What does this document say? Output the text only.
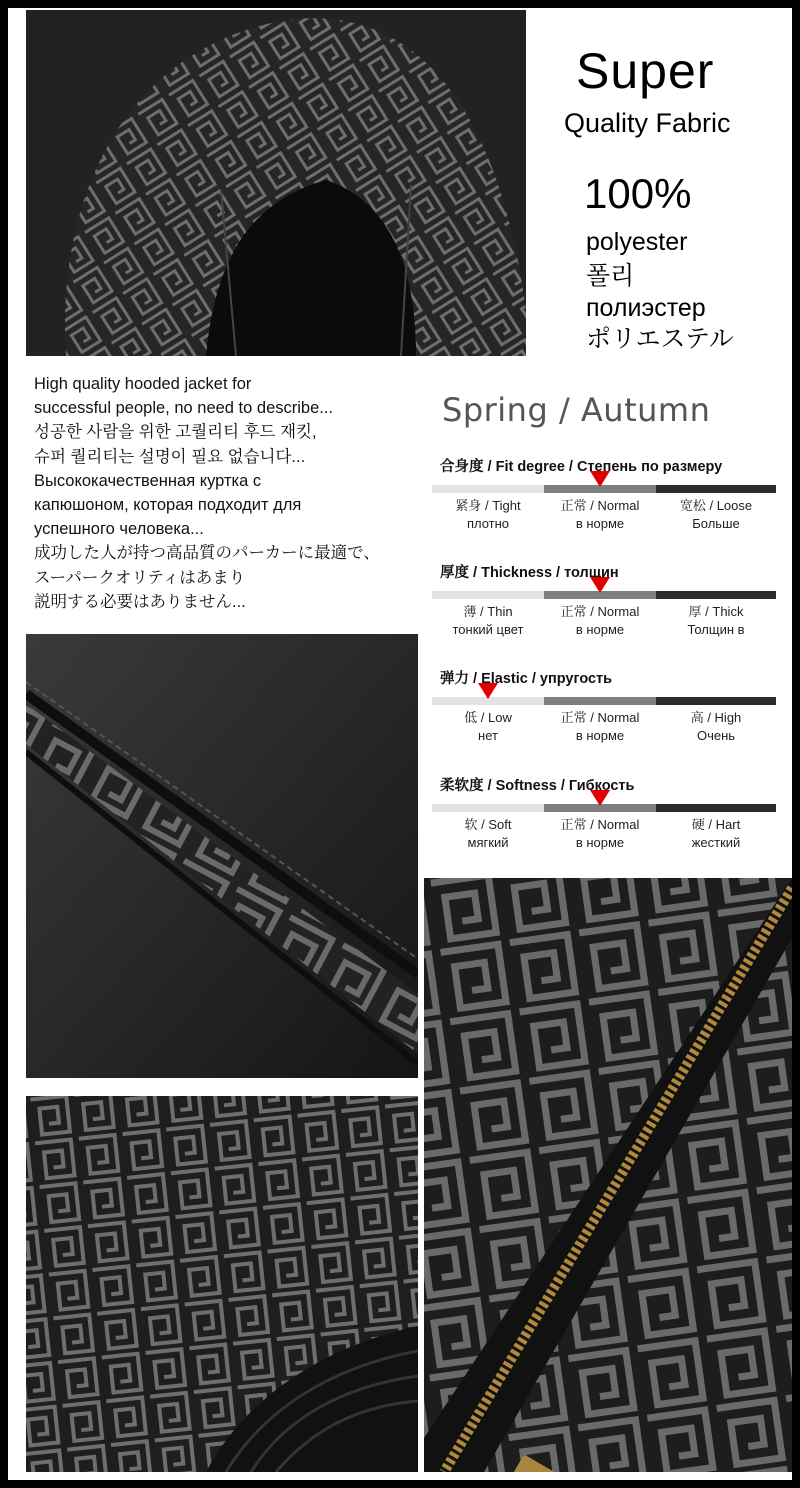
Super
Quality Fabric
100%
polyester
폴리
полиэстер
ポリエステル
High quality hooded jacket for
successful people, no need to describe...
성공한 사람을 위한 고퀄리티 후드 재킷,
슈퍼 퀄리티는 설명이 필요 없습니다...
Высококачественная куртка с
капюшоном, которая подходит для
успешного человека...
成功した人が持つ高品質のパーカーに最適で、
スーパークオリティはあまり
説明する必要はありません...
Spring / Autumn
合身度 / Fit degree / Степень по размеру
紧身 / Tight
плотно
正常 / Normal
в норме
宽松 / Loose
Больше
厚度 / Thickness / толщин
薄 / Thin
тонкий цвет
正常 / Normal
в норме
厚 / Thick
Толщин в
弹力 / Elastic / упругость
低 / Low
нет
正常 / Normal
в норме
高 / High
Очень
柔软度 / Softness / Гибкость
软 / Soft
мягкий
正常 / Normal
в норме
硬 / Hart
жесткий
